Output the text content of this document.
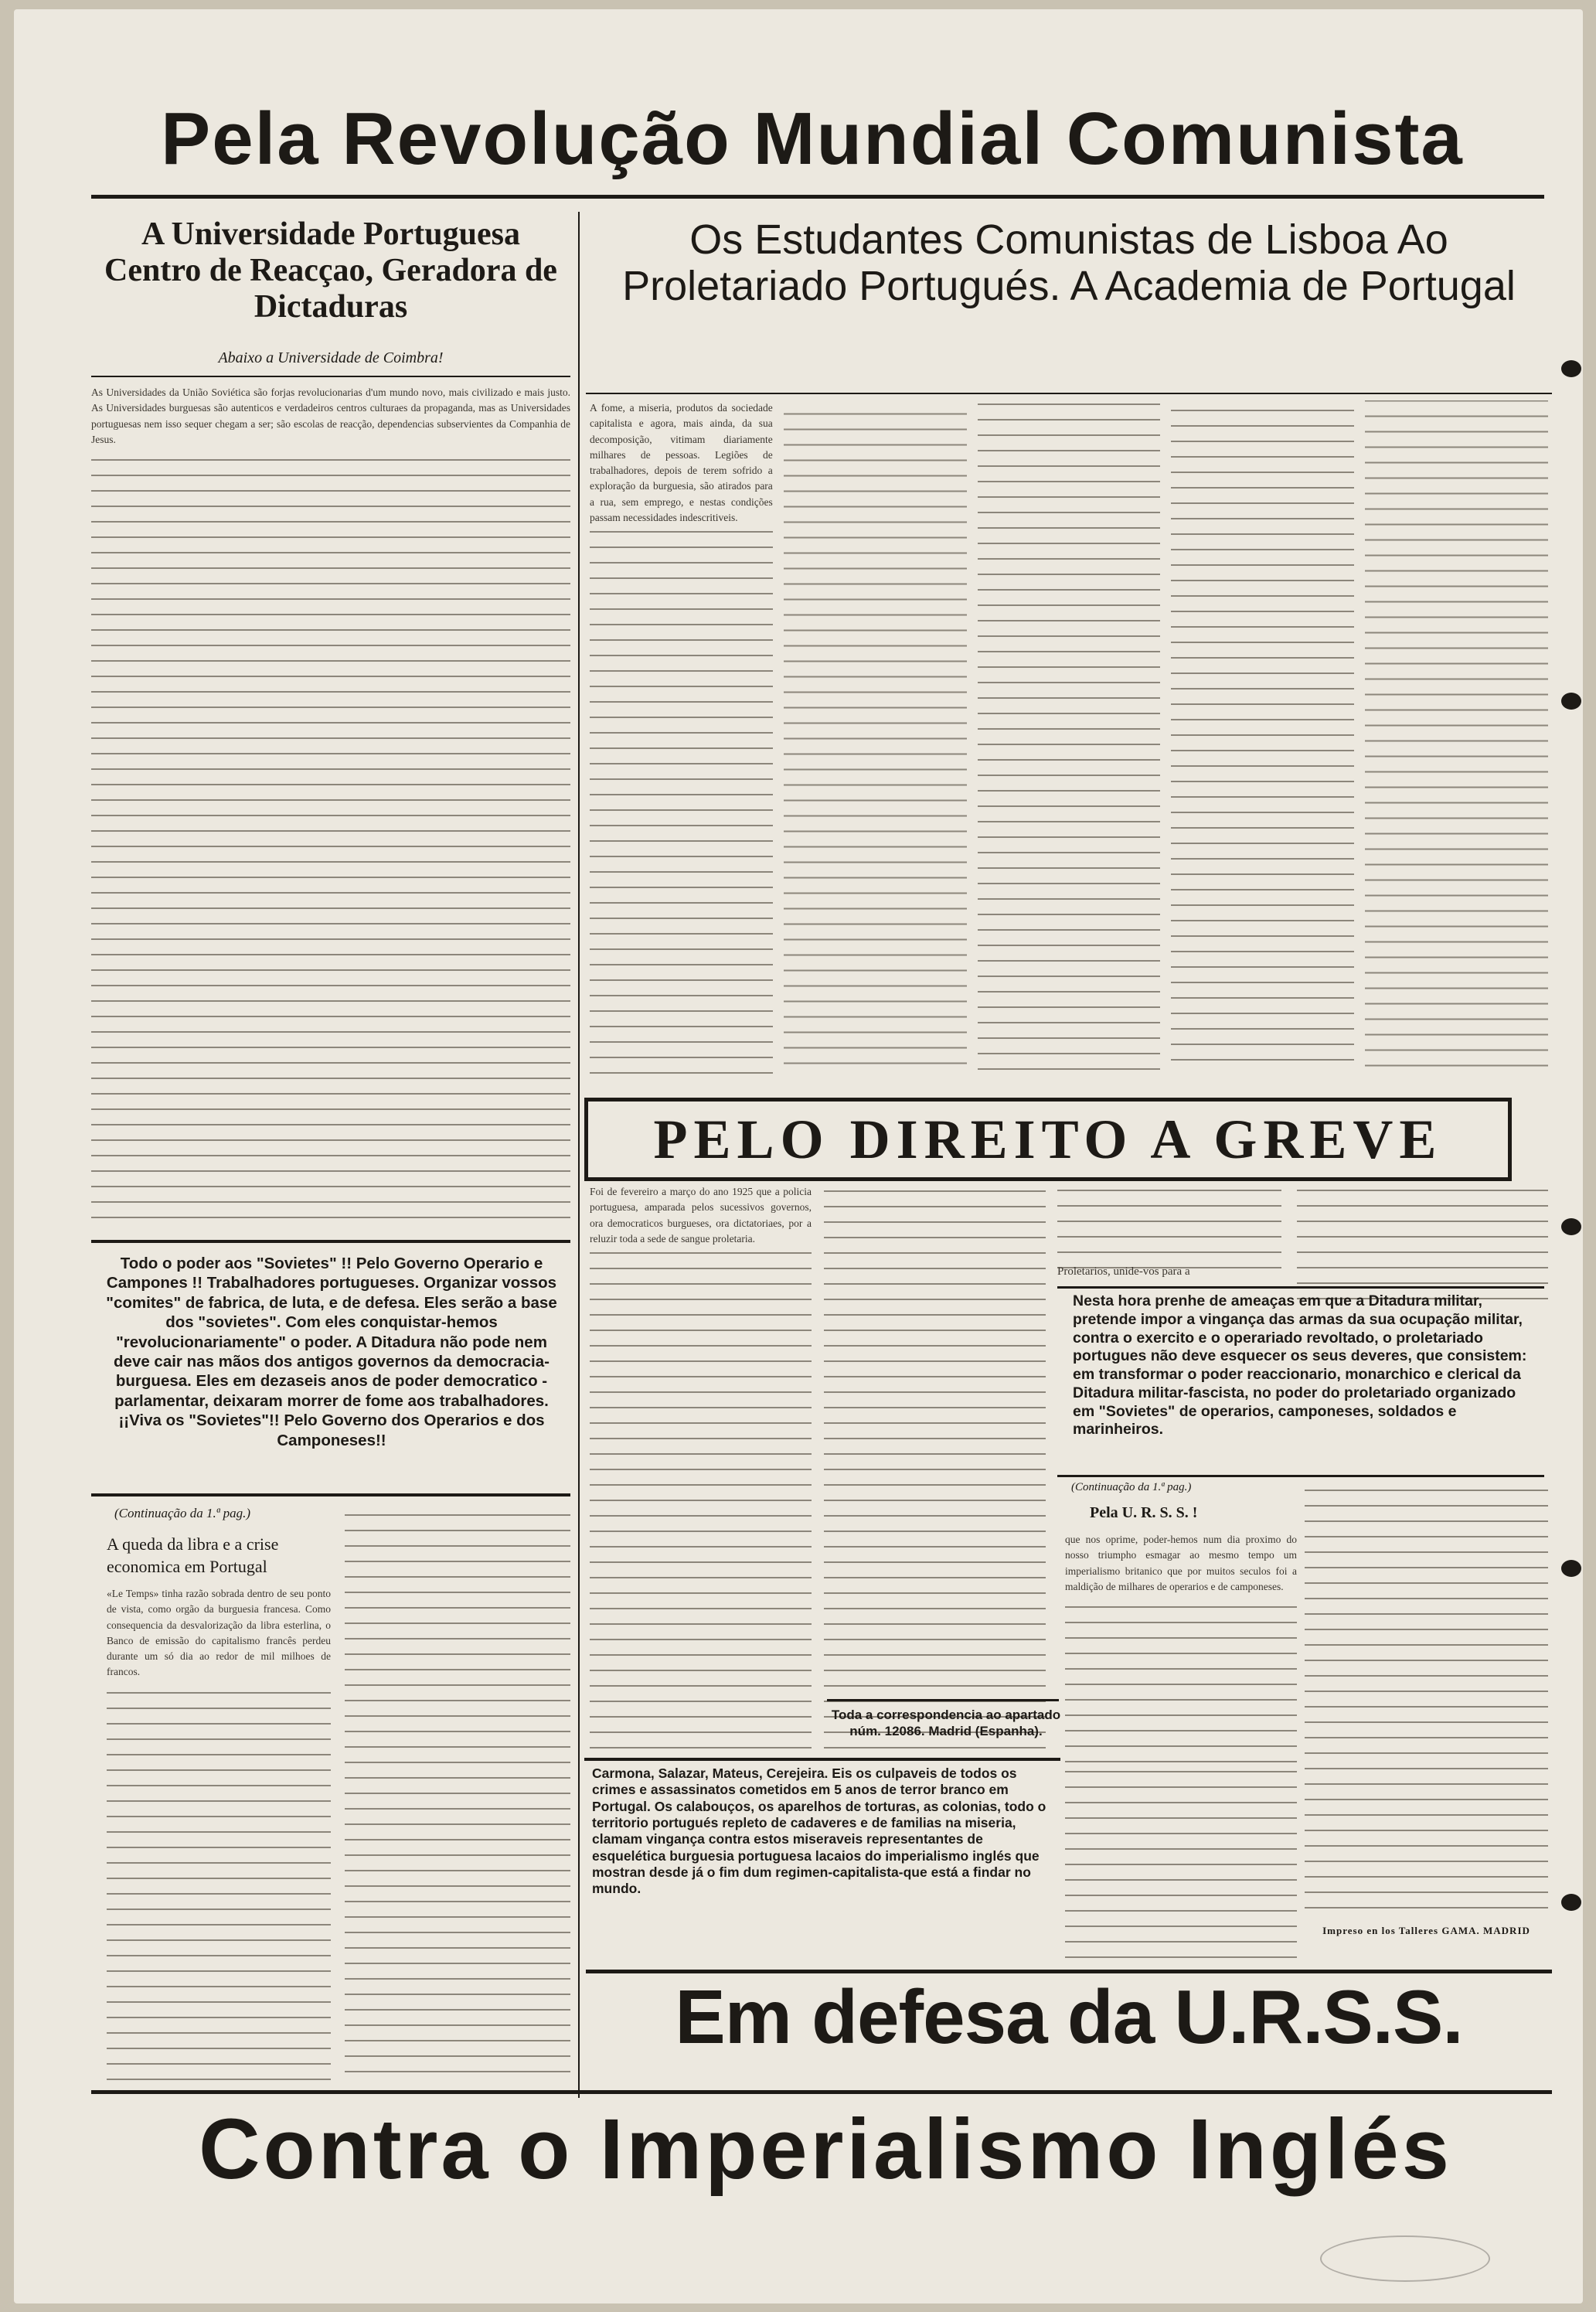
Pela Revolução Mundial Comunista
A Universidade Portuguesa Centro de Reacçao, Geradora de Dictaduras
Abaixo a Universidade de Coimbra!
As Universidades da União Soviética são forjas revolucionarias d'um mundo novo, mais civilizado e mais justo. As Universidades burguesas são autenticos e verdadeiros centros culturaes da propaganda, mas as Universidades portuguesas nem isso sequer chegam a ser; são escolas de reacção, dependencias subservientes da Companhia de Jesus.
Os Estudantes Comunistas de Lisboa Ao Proletariado Portugués. A Academia de Portugal
A fome, a miseria, produtos da sociedade capitalista e agora, mais ainda, da sua decomposição, vitimam diariamente milhares de pessoas. Legiões de trabalhadores, depois de terem sofrido a exploração da burguesia, são atirados para a rua, sem emprego, e nestas condições passam necessidades indescritiveis.
PELO DIREITO A GREVE
Todo o poder aos "Sovietes" !! Pelo Governo Operario e Campones !! Trabalhadores portugueses. Organizar vossos "comites" de fabrica, de luta, e de defesa. Eles serão a base dos "sovietes". Com eles conquistar-hemos "revolucionariamente" o poder. A Ditadura não pode nem deve cair nas mãos dos antigos governos da democracia-burguesa. Eles em dezaseis anos de poder democratico - parlamentar, deixaram morrer de fome aos trabalhadores. ¡¡Viva os "Sovietes"!! Pelo Governo dos Operarios e dos Camponeses!!
(Continuação da 1.ª pag.)
A queda da libra e a crise economica em Portugal
«Le Temps» tinha razão sobrada dentro de seu ponto de vista, como orgão da burguesia francesa. Como consequencia da desvalorização da libra esterlina, o Banco de emissão do capitalismo francês perdeu durante um só dia ao redor de mil milhoes de francos.
Foi de fevereiro a março do ano 1925 que a policia portuguesa, amparada pelos sucessivos governos, ora democraticos burgueses, ora dictatoriaes, por a reluzir toda a sede de sangue proletaria.
Proletarios, unide-vos para a
Nesta hora prenhe de ameaças em que a Ditadura militar, pretende impor a vingança das armas da sua ocupação militar, contra o exercito e o operariado revoltado, o proletariado portugues não deve esquecer os seus deveres, que consistem: em transformar o poder reaccionario, monarchico e clerical da Ditadura militar-fascista, no poder do proletariado organizado em "Sovietes" de operarios, camponeses, soldados e marinheiros.
(Continuação da 1.ª pag.)
Pela U. R. S. S. !
que nos oprime, poder-hemos num dia proximo do nosso triumpho esmagar ao mesmo tempo um imperialismo britanico que por muitos seculos foi a maldição de milhares de operarios e de camponeses.
Toda a correspondencia ao apartado núm. 12086. Madrid (Espanha).
Carmona, Salazar, Mateus, Cerejeira. Eis os culpaveis de todos os crimes e assassinatos cometidos em 5 anos de terror branco em Portugal. Os calabouços, os aparelhos de torturas, as colonias, todo o territorio portugués repleto de cadaveres e de familias na miseria, clamam vingança contra estos miseraveis representantes de esquelética burguesia portuguesa lacaios do imperialismo inglés que mostran desde já o fim dum regimen-capitalista-que está a findar no mundo.
Impreso en los Talleres GAMA. MADRID
Em defesa da U.R.S.S.
Contra o Imperialismo Inglés
